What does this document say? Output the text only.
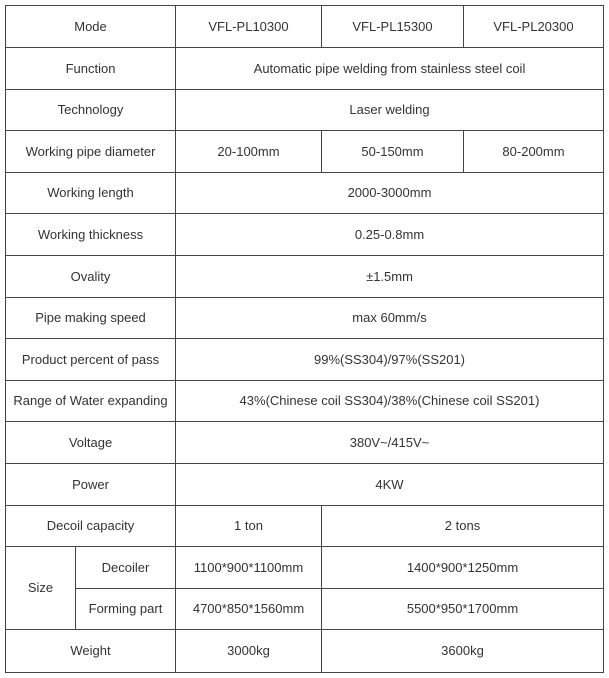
Mode		VFL-PL10300	VFL-PL15300	VFL-PL20300
Function		Automatic pipe welding from stainless steel coil		
Technology		Laser welding		
Working pipe diameter		20-100mm	50-150mm	80-200mm
Working length		2000-3000mm		
Working thickness		0.25-0.8mm		
Ovality		±1.5mm		
Pipe making speed		max 60mm/s		
Product percent of pass		99%(SS304)/97%(SS201)		
Range of Water expanding		43%(Chinese coil SS304)/38%(Chinese coil SS201)		
Voltage		380V~/415V~		
Power		4KW		
Decoil capacity		1 ton	2 tons	
Size	Decoiler	1100*900*1100mm	1400*900*1250mm	
	Forming part	4700*850*1560mm	5500*950*1700mm	
Weight		3000kg	3600kg	
